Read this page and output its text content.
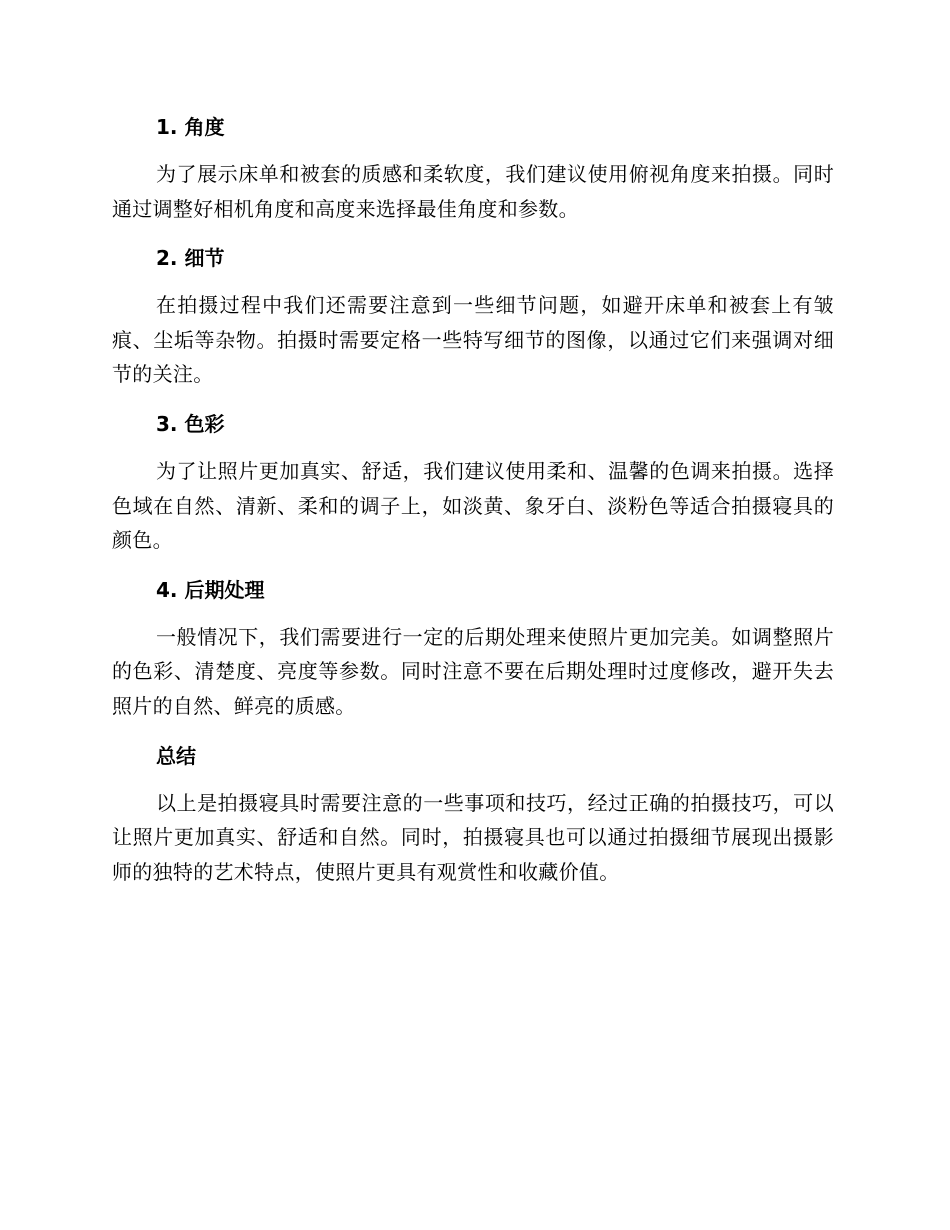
1. 角度

为了展示床单和被套的质感和柔软度，我们建议使用俯视角度来拍摄。同时通过调整好相机角度和高度来选择最佳角度和参数。

2. 细节

在拍摄过程中我们还需要注意到一些细节问题，如避开床单和被套上有皱痕、尘垢等杂物。拍摄时需要定格一些特写细节的图像，以通过它们来强调对细节的关注。

3. 色彩

为了让照片更加真实、舒适，我们建议使用柔和、温馨的色调来拍摄。选择色域在自然、清新、柔和的调子上，如淡黄、象牙白、淡粉色等适合拍摄寝具的颜色。

4. 后期处理

一般情况下，我们需要进行一定的后期处理来使照片更加完美。如调整照片的色彩、清楚度、亮度等参数。同时注意不要在后期处理时过度修改，避开失去照片的自然、鲜亮的质感。

总结

以上是拍摄寝具时需要注意的一些事项和技巧，经过正确的拍摄技巧，可以让照片更加真实、舒适和自然。同时，拍摄寝具也可以通过拍摄细节展现出摄影师的独特的艺术特点，使照片更具有观赏性和收藏价值。
